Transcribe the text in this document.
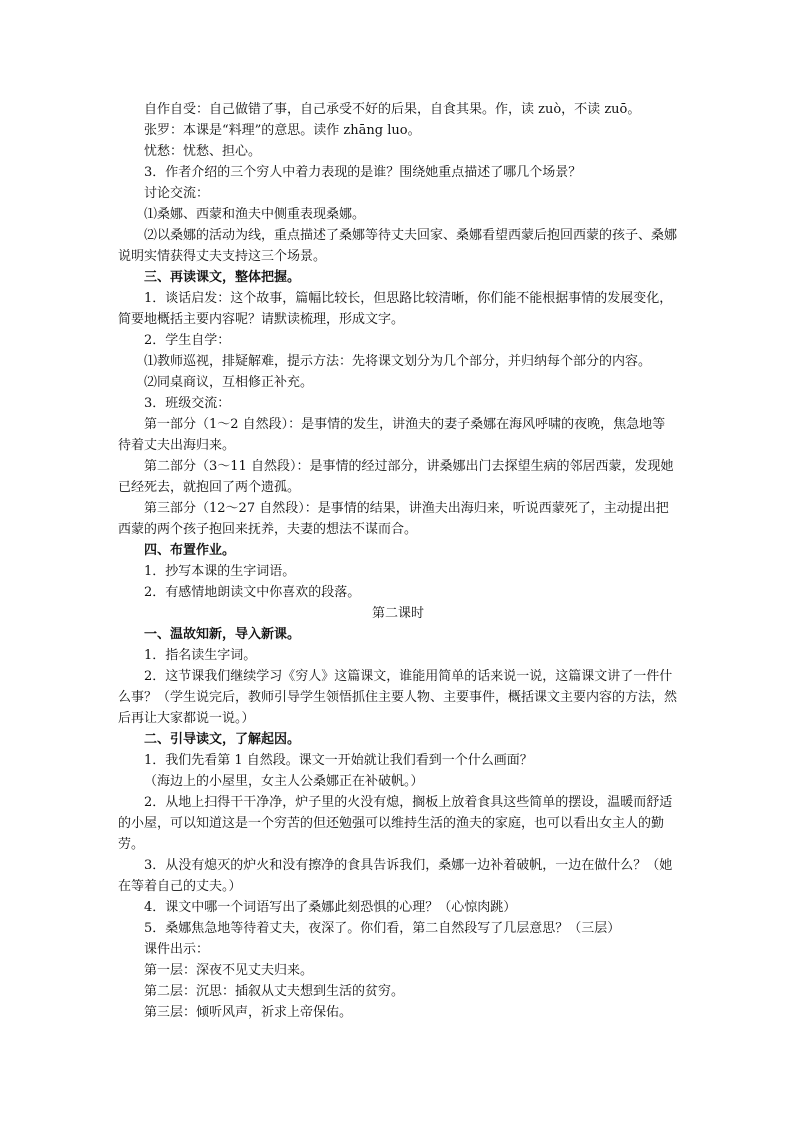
自作自受：自己做错了事，自己承受不好的后果，自食其果。作，读 zuò，不读 zuō。

张罗：本课是“料理”的意思。读作 zhāng luo。

忧愁：忧愁、担心。

3．作者介绍的三个穷人中着力表现的是谁？围绕她重点描述了哪几个场景？

讨论交流：

⑴桑娜、西蒙和渔夫中侧重表现桑娜。

⑵以桑娜的活动为线，重点描述了桑娜等待丈夫回家、桑娜看望西蒙后抱回西蒙的孩子、桑娜说明实情获得丈夫支持这三个场景。

三、再读课文，整体把握。

1．谈话启发：这个故事，篇幅比较长，但思路比较清晰，你们能不能根据事情的发展变化，简要地概括主要内容呢？请默读梳理，形成文字。

2．学生自学：

⑴教师巡视，排疑解难，提示方法：先将课文划分为几个部分，并归纳每个部分的内容。

⑵同桌商议，互相修正补充。

3．班级交流：

第一部分（1～2 自然段）：是事情的发生，讲渔夫的妻子桑娜在海风呼啸的夜晚，焦急地等待着丈夫出海归来。

第二部分（3～11 自然段）：是事情的经过部分，讲桑娜出门去探望生病的邻居西蒙，发现她已经死去，就抱回了两个遗孤。

第三部分（12～27 自然段）：是事情的结果，讲渔夫出海归来，听说西蒙死了，主动提出把西蒙的两个孩子抱回来抚养，夫妻的想法不谋而合。

四、布置作业。

1．抄写本课的生字词语。

2．有感情地朗读文中你喜欢的段落。

第二课时

一、温故知新，导入新课。

1．指名读生字词。

2．这节课我们继续学习《穷人》这篇课文，谁能用简单的话来说一说，这篇课文讲了一件什么事？（学生说完后，教师引导学生领悟抓住主要人物、主要事件，概括课文主要内容的方法，然后再让大家都说一说。）

二、引导读文，了解起因。

1．我们先看第 1 自然段。课文一开始就让我们看到一个什么画面？

（海边上的小屋里，女主人公桑娜正在补破帆。）

2．从地上扫得干干净净，炉子里的火没有熄，搁板上放着食具这些简单的摆设，温暖而舒适的小屋，可以知道这是一个穷苦的但还勉强可以维持生活的渔夫的家庭，也可以看出女主人的勤劳。

3．从没有熄灭的炉火和没有擦净的食具告诉我们，桑娜一边补着破帆，一边在做什么？（她在等着自己的丈夫。）

4．课文中哪一个词语写出了桑娜此刻恐惧的心理？（心惊肉跳）

5．桑娜焦急地等待着丈夫，夜深了。你们看，第二自然段写了几层意思？（三层）

课件出示：

第一层：深夜不见丈夫归来。

第二层：沉思：插叙从丈夫想到生活的贫穷。

第三层：倾听风声，祈求上帝保佑。
